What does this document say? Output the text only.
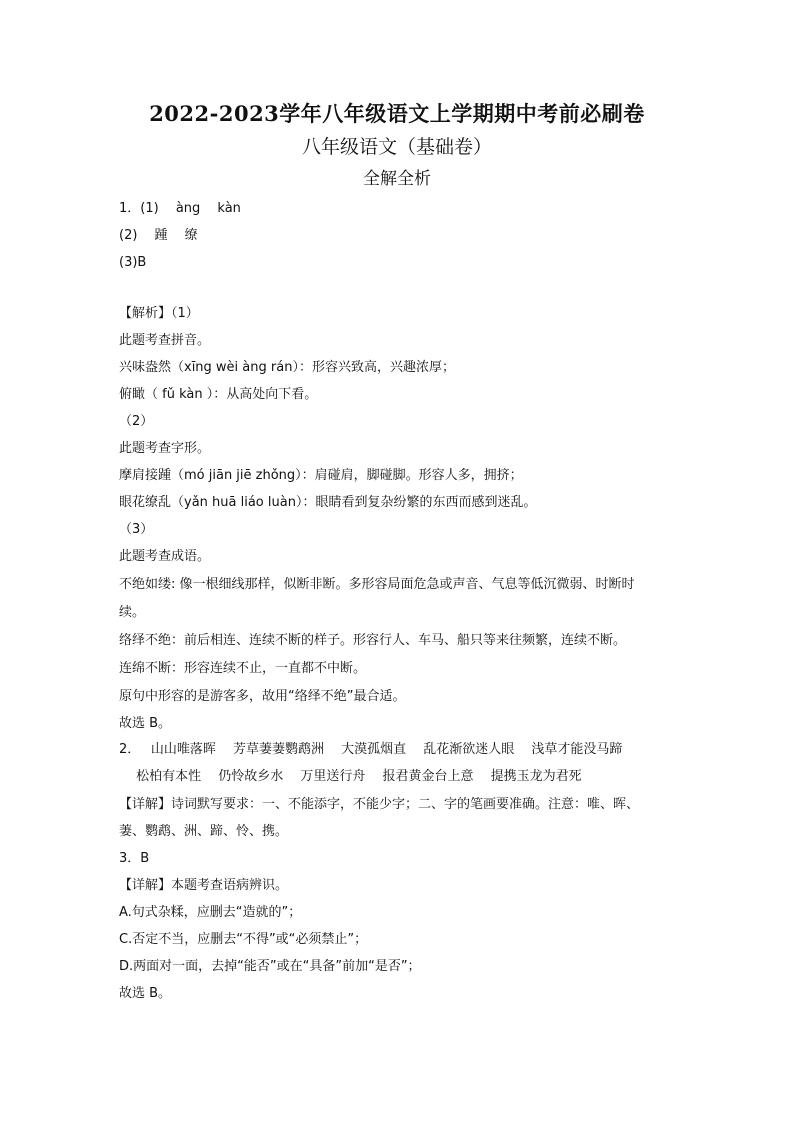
2022-2023学年八年级语文上学期期中考前必刷卷
八年级语文（基础卷）
全解全析
1．(1)　 àng　 kàn
(2)　 踵　 缭
(3)B
【解析】（1）
此题考查拼音。
兴味盎然（xīng wèi àng rán）：形容兴致高，兴趣浓厚；
俯瞰（ fǔ kàn ）：从高处向下看。
（2）
此题考查字形。
摩肩接踵（mó jiān jiē zhǒng）：肩碰肩，脚碰脚。形容人多，拥挤；
眼花缭乱（yǎn huā liáo luàn）：眼睛看到复杂纷繁的东西而感到迷乱。
（3）
此题考查成语。
不绝如缕: 像一根细线那样，似断非断。多形容局面危急或声音、气息等低沉微弱、时断时
续。
络绎不绝：前后相连、连续不断的样子。形容行人、车马、船只等来往频繁，连续不断。
连绵不断：形容连续不止，一直都不中断。
原句中形容的是游客多，故用“络绎不绝”最合适。
故选 B。
2．　 山山唯落晖　 芳草萋萋鹦鹉洲　 大漠孤烟直　 乱花渐欲迷人眼　 浅草才能没马蹄
　 松柏有本性　 仍怜故乡水　 万里送行舟　 报君黄金台上意　 提携玉龙为君死
【详解】诗词默写要求：一、不能添字，不能少字；二、字的笔画要准确。注意：唯、晖、
萋、鹦鹉、洲、蹄、怜、携。
3．B
【详解】本题考查语病辨识。
A.句式杂糅，应删去“造就的”；
C.否定不当，应删去“不得”或“必须禁止”；
D.两面对一面，去掉“能否”或在“具备”前加“是否”；
故选 B。
